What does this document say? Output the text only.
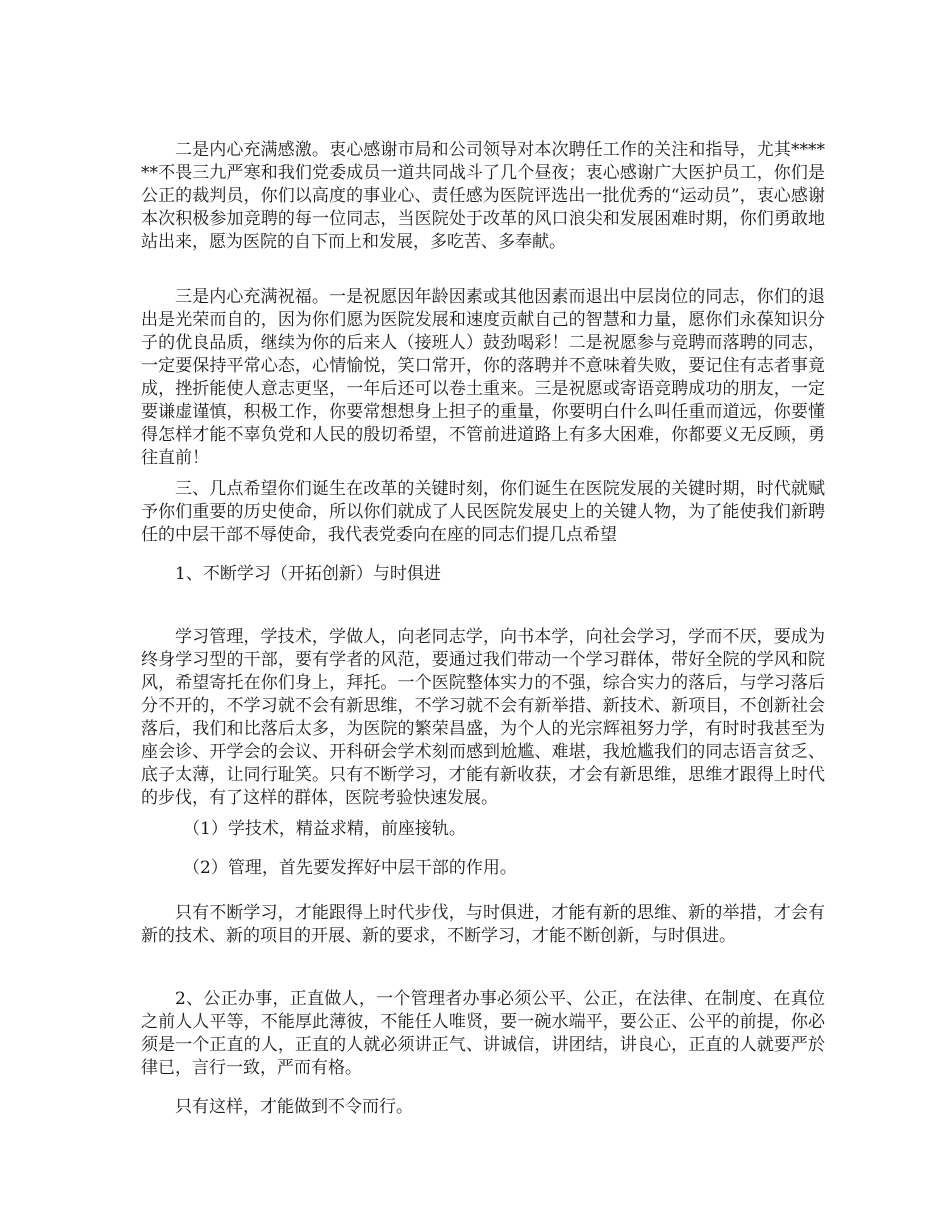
二是内心充满感激。衷心感谢市局和公司领导对本次聘任工作的关注和指导，尤其******不畏三九严寒和我们党委成员一道共同战斗了几个昼夜；衷心感谢广大医护员工，你们是公正的裁判员，你们以高度的事业心、责任感为医院评选出一批优秀的“运动员”，衷心感谢本次积极参加竞聘的每一位同志，当医院处于改革的风口浪尖和发展困难时期，你们勇敢地站出来，愿为医院的自下而上和发展，多吃苦、多奉献。

三是内心充满祝福。一是祝愿因年龄因素或其他因素而退出中层岗位的同志，你们的退出是光荣而自的，因为你们愿为医院发展和速度贡献自己的智慧和力量，愿你们永葆知识分子的优良品质，继续为你的后来人（接班人）鼓劲喝彩！二是祝愿参与竞聘而落聘的同志，一定要保持平常心态，心情愉悦，笑口常开，你的落聘并不意味着失败，要记住有志者事竟成，挫折能使人意志更坚，一年后还可以卷土重来。三是祝愿或寄语竞聘成功的朋友，一定要谦虚谨慎，积极工作，你要常想想身上担子的重量，你要明白什么叫任重而道远，你要懂得怎样才能不辜负党和人民的殷切希望，不管前进道路上有多大困难，你都要义无反顾，勇往直前！

三、几点希望你们诞生在改革的关键时刻，你们诞生在医院发展的关键时期，时代就赋予你们重要的历史使命，所以你们就成了人民医院发展史上的关键人物，为了能使我们新聘任的中层干部不辱使命，我代表党委向在座的同志们提几点希望

1、不断学习（开拓创新）与时俱进

学习管理，学技术，学做人，向老同志学，向书本学，向社会学习，学而不厌，要成为终身学习型的干部，要有学者的风范，要通过我们带动一个学习群体，带好全院的学风和院风，希望寄托在你们身上，拜托。一个医院整体实力的不强，综合实力的落后，与学习落后分不开的，不学习就不会有新思维，不学习就不会有新举措、新技术、新项目，不创新社会落后，我们和比落后太多，为医院的繁荣昌盛，为个人的光宗辉祖努力学，有时时我甚至为座会诊、开学会的会议、开科研会学术刻而感到尬尴、难堪，我尬尴我们的同志语言贫乏、底子太薄，让同行耻笑。只有不断学习，才能有新收获，才会有新思维，思维才跟得上时代的步伐，有了这样的群体，医院考验快速发展。

（1）学技术，精益求精，前座接轨。

（2）管理，首先要发挥好中层干部的作用。

只有不断学习，才能跟得上时代步伐，与时俱进，才能有新的思维、新的举措，才会有新的技术、新的项目的开展、新的要求，不断学习，才能不断创新，与时俱进。

2、公正办事，正直做人，一个管理者办事必须公平、公正，在法律、在制度、在真位之前人人平等，不能厚此薄彼，不能任人唯贤，要一碗水端平，要公正、公平的前提，你必须是一个正直的人，正直的人就必须讲正气、讲诚信，讲团结，讲良心，正直的人就要严於律已，言行一致，严而有格。

只有这样，才能做到不令而行。
